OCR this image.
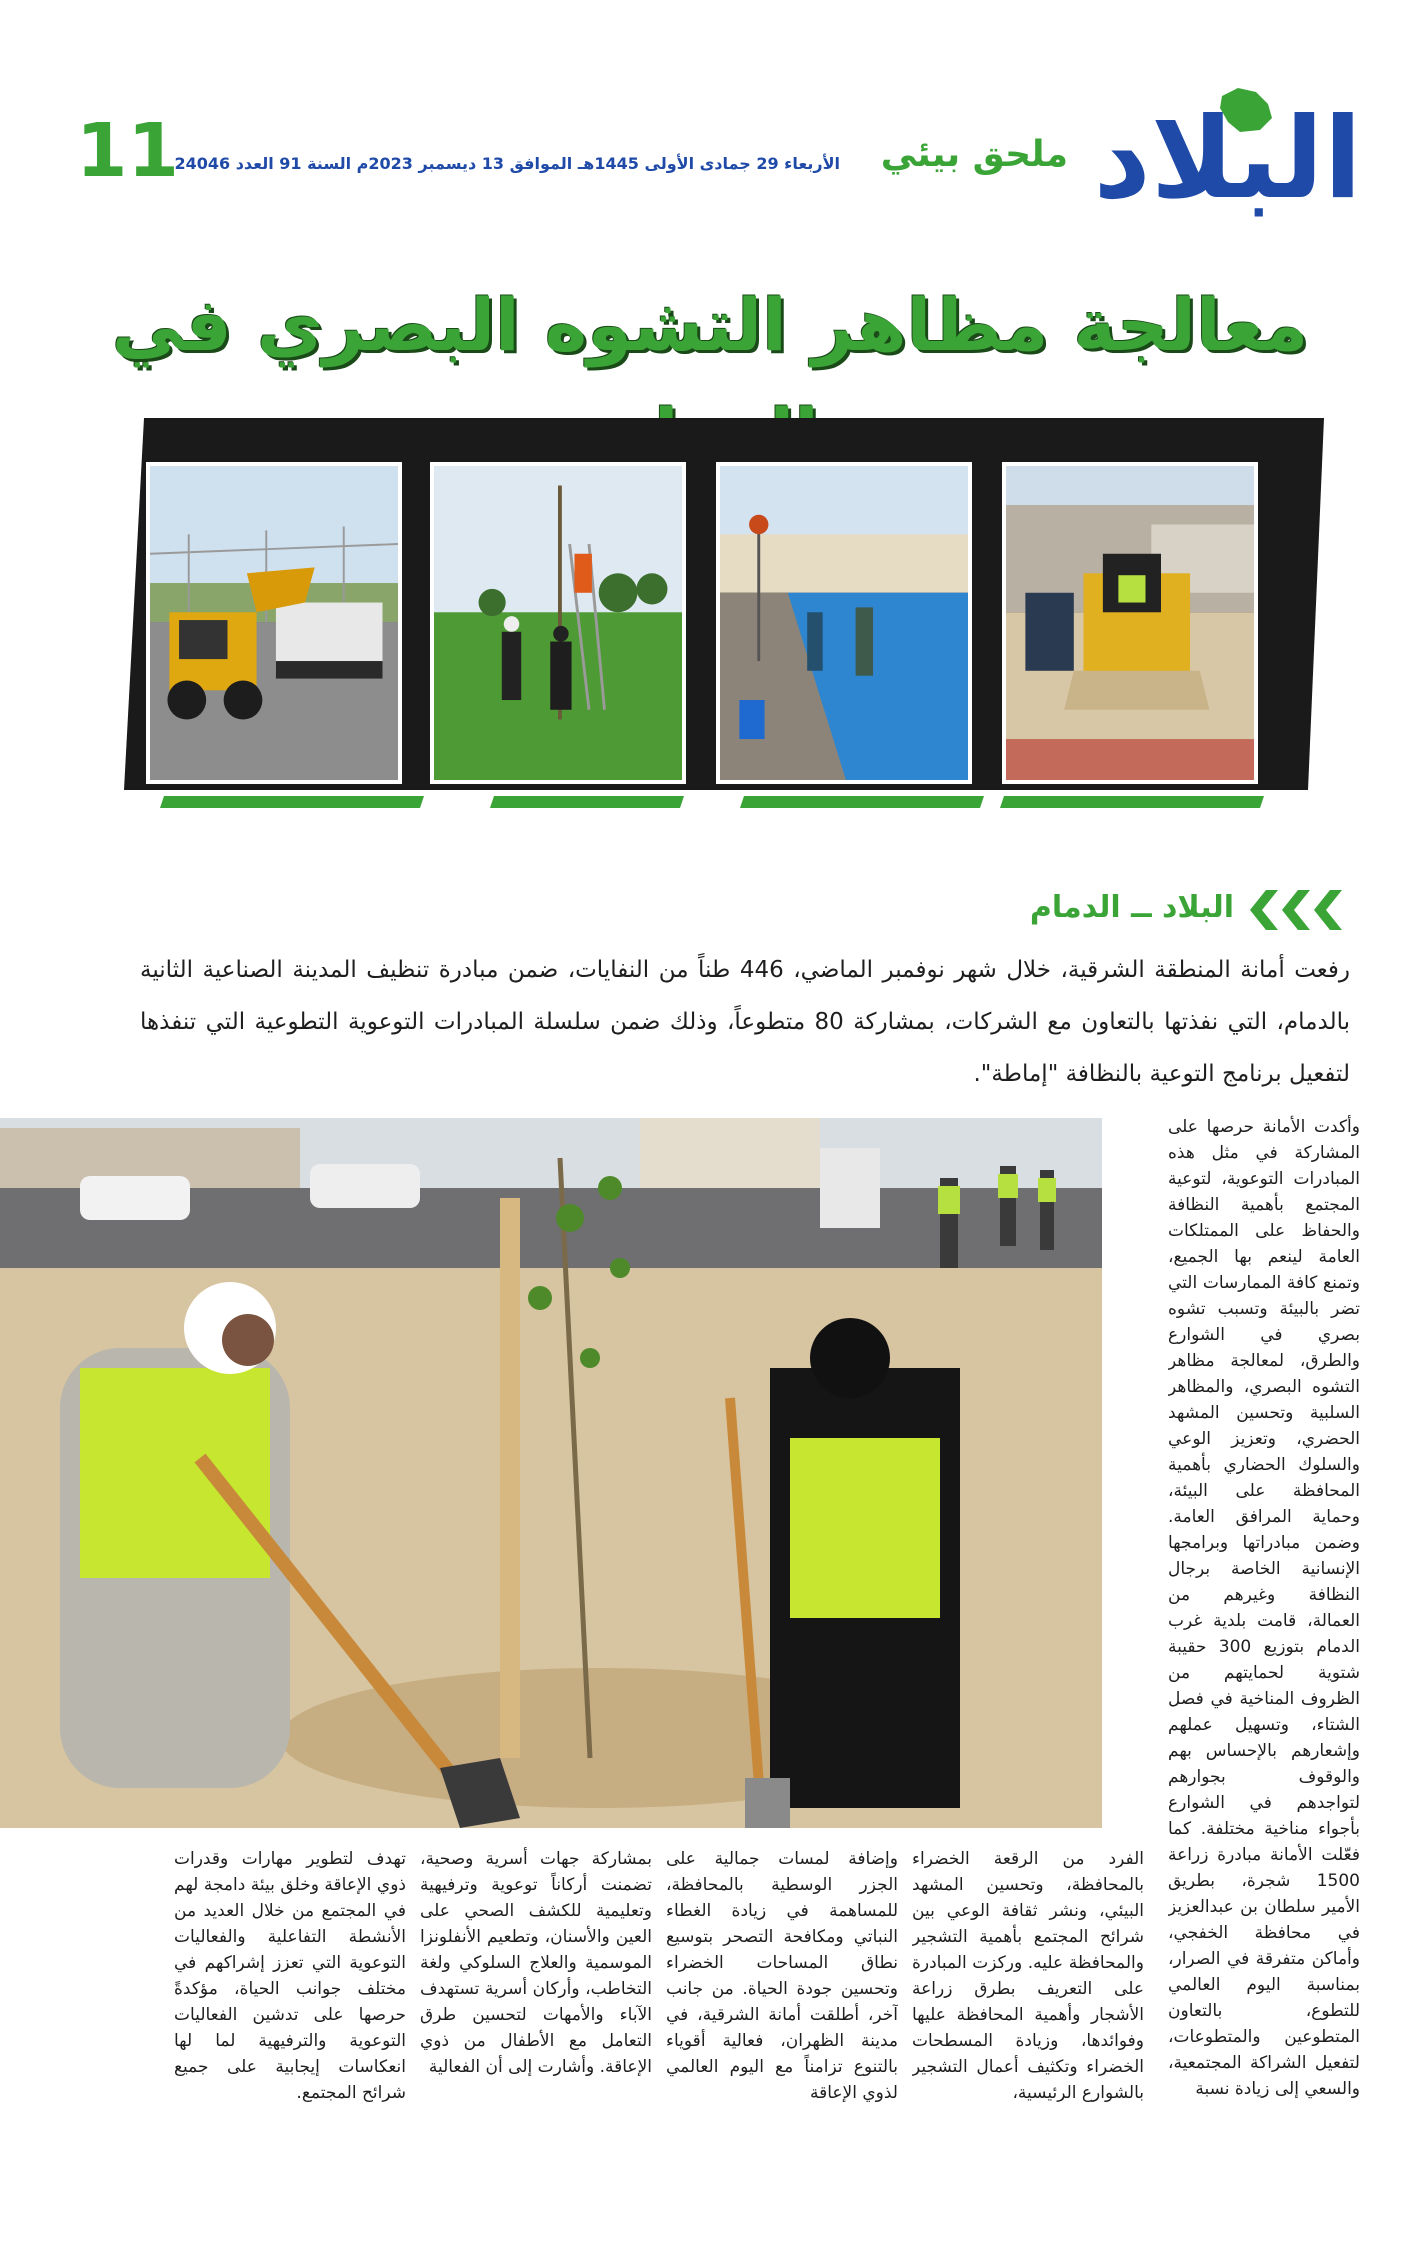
البلاد
ملحق بيئي
الأربعاء 29 جمادى الأولى 1445هـ الموافق 13 ديسمبر 2023م السنة 91 العدد 24046
11
معالجة مظاهر التشوه البصري في
البلاد ــ الدمام

رفعت أمانة المنطقة الشرقية، خلال شهر نوفمبر الماضي، 446 طناً من النفايات، ضمن مبادرة تنظيف المدينة الصناعية الثانية بالدمام، التي نفذتها بالتعاون مع الشركات، بمشاركة 80 متطوعاً، وذلك ضمن سلسلة المبادرات التوعوية التطوعية التي تنفذها لتفعيل برنامج التوعية بالنظافة "إماطة".

وأكدت الأمانة حرصها على المشاركة في مثل هذه المبادرات التوعوية، لتوعية المجتمع بأهمية النظافة والحفاظ على الممتلكات العامة لينعم بها الجميع، وتمنع كافة الممارسات التي تضر بالبيئة وتسبب تشوه بصري في الشوارع والطرق، لمعالجة مظاهر التشوه البصري، والمظاهر السلبية وتحسين المشهد الحضري، وتعزيز الوعي والسلوك الحضاري بأهمية المحافظة على البيئة، وحماية المرافق العامة. وضمن مبادراتها وبرامجها الإنسانية الخاصة برجال النظافة وغيرهم من العمالة، قامت بلدية غرب الدمام بتوزيع 300 حقيبة شتوية لحمايتهم من الظروف المناخية في فصل الشتاء، وتسهيل عملهم وإشعارهم بالإحساس بهم والوقوف بجوارهم لتواجدهم في الشوارع بأجواء مناخية مختلفة. كما فعّلت الأمانة مبادرة زراعة 1500 شجرة، بطريق الأمير سلطان بن عبدالعزيز في محافظة الخفجي، وأماكن متفرقة في الصرار، بمناسبة اليوم العالمي للتطوع، بالتعاون المتطوعين والمتطوعات، لتفعيل الشراكة المجتمعية، والسعي إلى زيادة نسبة
الفرد من الرقعة الخضراء بالمحافظة، وتحسين المشهد البيئي، ونشر ثقافة الوعي بين شرائح المجتمع بأهمية التشجير والمحافظة عليه. وركزت المبادرة على التعريف بطرق زراعة الأشجار وأهمية المحافظة عليها وفوائدها، وزيادة المسطحات الخضراء وتكثيف أعمال التشجير بالشوارع الرئيسية،
وإضافة لمسات جمالية على الجزر الوسطية بالمحافظة، للمساهمة في زيادة الغطاء النباتي ومكافحة التصحر بتوسيع نطاق المساحات الخضراء وتحسين جودة الحياة. من جانب آخر، أطلقت أمانة الشرقية، في مدينة الظهران، فعالية أقوياء بالتنوع تزامناً مع اليوم العالمي لذوي الإعاقة
بمشاركة جهات أسرية وصحية، تضمنت أركاناً توعوية وترفيهية وتعليمية للكشف الصحي على العين والأسنان، وتطعيم الأنفلونزا الموسمية والعلاج السلوكي ولغة التخاطب، وأركان أسرية تستهدف الآباء والأمهات لتحسين طرق التعامل مع الأطفال من ذوي الإعاقة. وأشارت إلى أن الفعالية
تهدف لتطوير مهارات وقدرات ذوي الإعاقة وخلق بيئة دامجة لهم في المجتمع من خلال العديد من الأنشطة التفاعلية والفعاليات التوعوية التي تعزز إشراكهم في مختلف جوانب الحياة، مؤكدةً حرصها على تدشين الفعاليات التوعوية والترفيهية لما لها انعكاسات إيجابية على جميع شرائح المجتمع.
